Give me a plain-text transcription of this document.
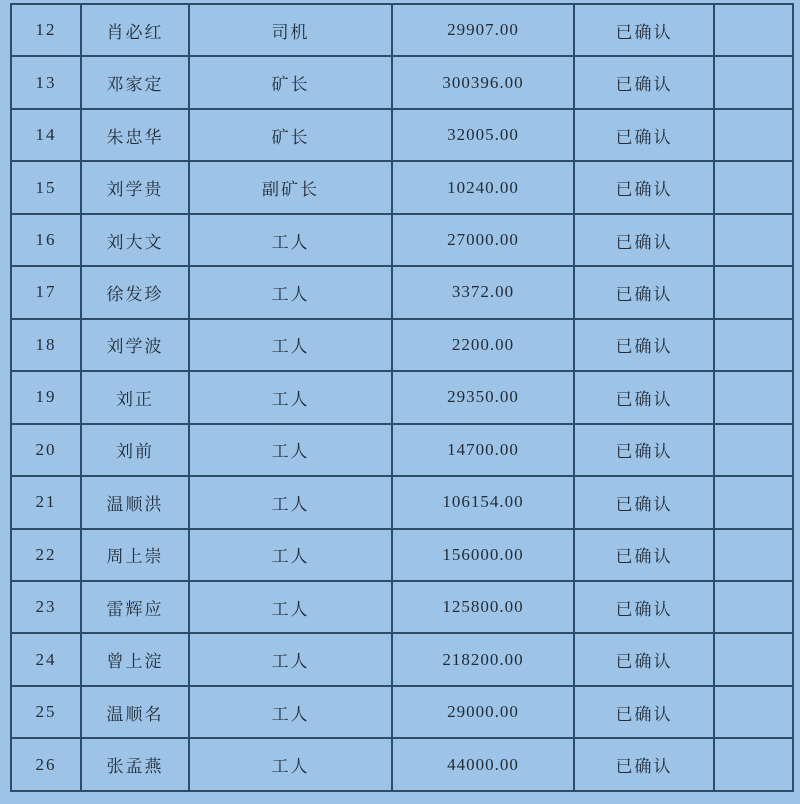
12	肖必红	司机	29907.00	已确认	
13	邓家定	矿长	300396.00	已确认	
14	朱忠华	矿长	32005.00	已确认	
15	刘学贵	副矿长	10240.00	已确认	
16	刘大文	工人	27000.00	已确认	
17	徐发珍	工人	3372.00	已确认	
18	刘学波	工人	2200.00	已确认	
19	刘正	工人	29350.00	已确认	
20	刘前	工人	14700.00	已确认	
21	温顺洪	工人	106154.00	已确认	
22	周上崇	工人	156000.00	已确认	
23	雷辉应	工人	125800.00	已确认	
24	曾上淀	工人	218200.00	已确认	
25	温顺名	工人	29000.00	已确认	
26	张孟燕	工人	44000.00	已确认	
